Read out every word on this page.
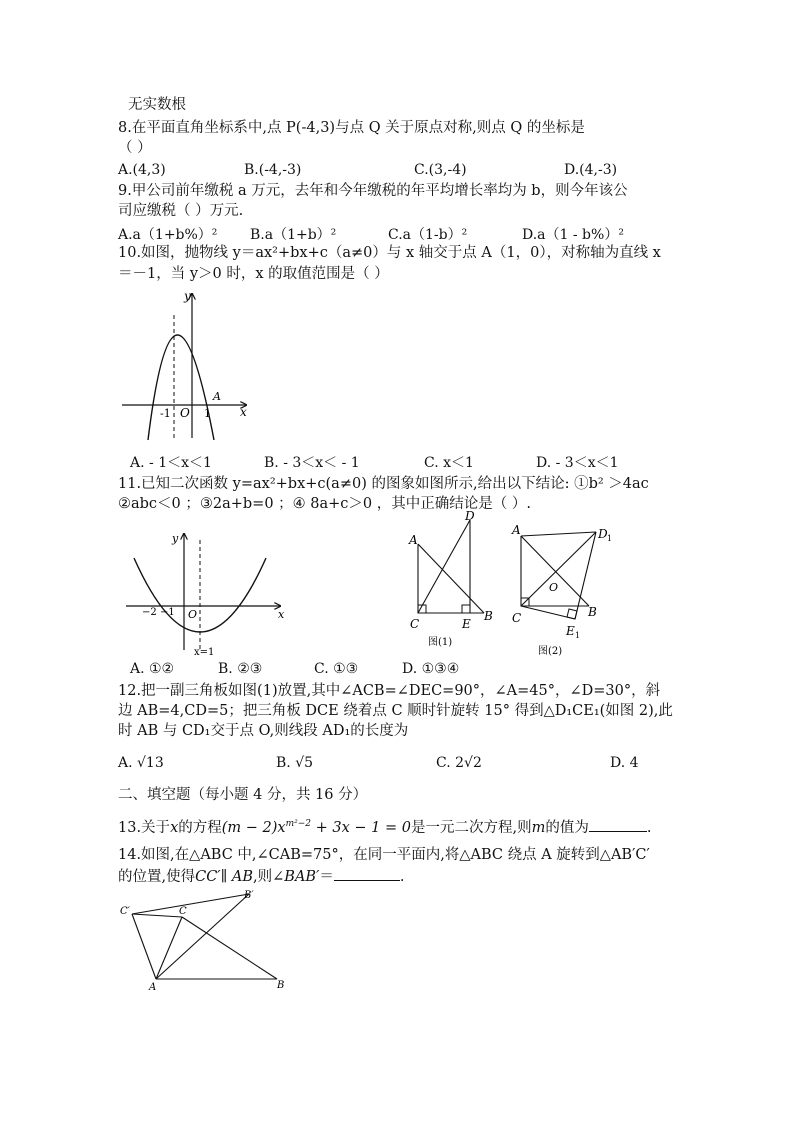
无实数根
8.在平面直角坐标系中,点 P(-4,3)与点 Q 关于原点对称,则点 Q 的坐标是
（ ）
A.(4,3)	B.(-4,-3)	C.(3,-4)	D.(4,-3)
9.甲公司前年缴税 a 万元，去年和今年缴税的年平均增长率均为 b，则今年该公
司应缴税（ ）万元.
A.a（1+b%）² B.a（1+b）²	C.a（1-b）²	D.a（1 - b%）²
10.如图，抛物线 y＝ax²+bx+c（a≠0）与 x 轴交于点 A（1，0），对称轴为直线 x
＝－1，当 y＞0 时，x 的取值范围是（ ）
y
x
O
-1	1
A
A. - 1＜x＜1	B. - 3＜x＜ - 1	C. x＜1	D. - 3＜x＜1
11.已知二次函数 y=ax²+bx+c(a≠0) 的图象如图所示,给出以下结论: ①b² ＞4ac
②abc＜0 ；③2a+b=0 ；④ 8a+c＞0 ，其中正确结论是（ ）.
y
x
O
−2 −1
x=1
A
D
C	E
B
图(1)
A	D 1
O
C	B
E 1
图(2)
A. ①②	B. ②③	C. ①③	D. ①③④
12.把一副三角板如图(1)放置,其中∠ACB=∠DEC=90°，∠A=45°，∠D=30°，斜
边 AB=4,CD=5；把三角板 DCE 绕着点 C 顺时针旋转 15° 得到△D₁CE₁(如图 2),此
时 AB 与 CD₁交于点 O,则线段 AD₁的长度为
A. √13	B. √5	C. 2√2	D. 4
二、填空题（每小题 4 分，共 16 分）
13.关于x的方程$(m - 2)x^{m^2-2} + 3x - 1 = 0$是一元二次方程,则m的值为	.
14.如图,在△ABC 中,∠CAB=75°，在同一平面内,将△ABC 绕点 A 旋转到△AB′C′
的位置,使得CC′∥ AB,则∠BAB′＝	.
C′	C
B′
A	B
